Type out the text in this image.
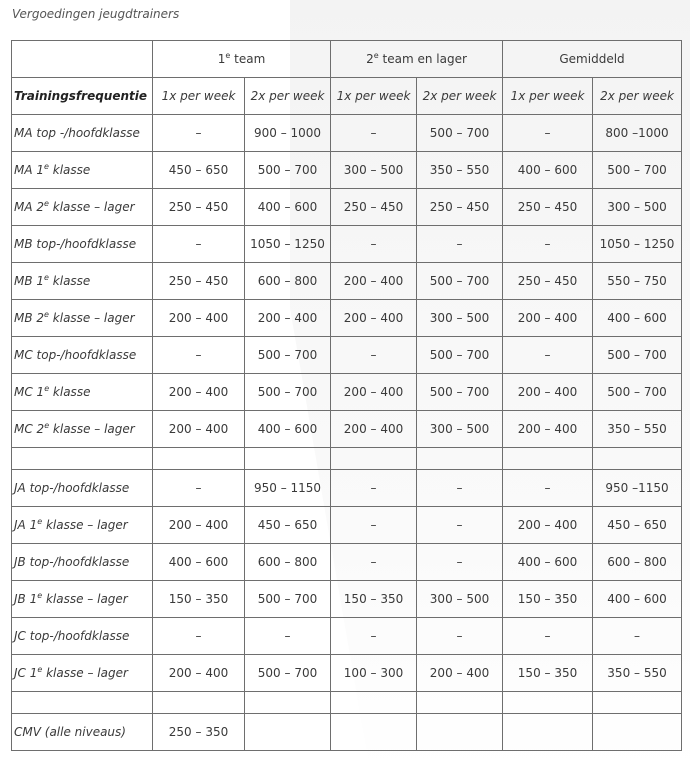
Vergoedingen jeugdtrainers
	1e team		2e team en lager		Gemiddeld	
Trainingsfrequentie	1x per week	2x per week	1x per week	2x per week	1x per week	2x per week
MA top -/hoofdklasse	–	900 – 1000	–	500 – 700	–	800 –1000
MA 1e klasse	450 – 650	500 – 700	300 – 500	350 – 550	400 – 600	500 – 700
MA 2e klasse – lager	250 – 450	400 – 600	250 – 450	250 – 450	250 – 450	300 – 500
MB top-/hoofdklasse	–	1050 – 1250	–	–	–	1050 – 1250
MB 1e klasse	250 – 450	600 – 800	200 – 400	500 – 700	250 – 450	550 – 750
MB 2e klasse – lager	200 – 400	200 – 400	200 – 400	300 – 500	200 – 400	400 – 600
MC top-/hoofdklasse	–	500 – 700	–	500 – 700	–	500 – 700
MC 1e klasse	200 – 400	500 – 700	200 – 400	500 – 700	200 – 400	500 – 700
MC 2e klasse – lager	200 – 400	400 – 600	200 – 400	300 – 500	200 – 400	350 – 550

JA top-/hoofdklasse	–	950 – 1150	–	–	–	950 –1150
JA 1e klasse – lager	200 – 400	450 – 650	–	–	200 – 400	450 – 650
JB top-/hoofdklasse	400 – 600	600 – 800	–	–	400 – 600	600 – 800
JB 1e klasse – lager	150 – 350	500 – 700	150 – 350	300 – 500	150 – 350	400 – 600
JC top-/hoofdklasse	–	–	–	–	–	–
JC 1e klasse – lager	200 – 400	500 – 700	100 – 300	200 – 400	150 – 350	350 – 550

CMV (alle niveaus)	250 – 350					
